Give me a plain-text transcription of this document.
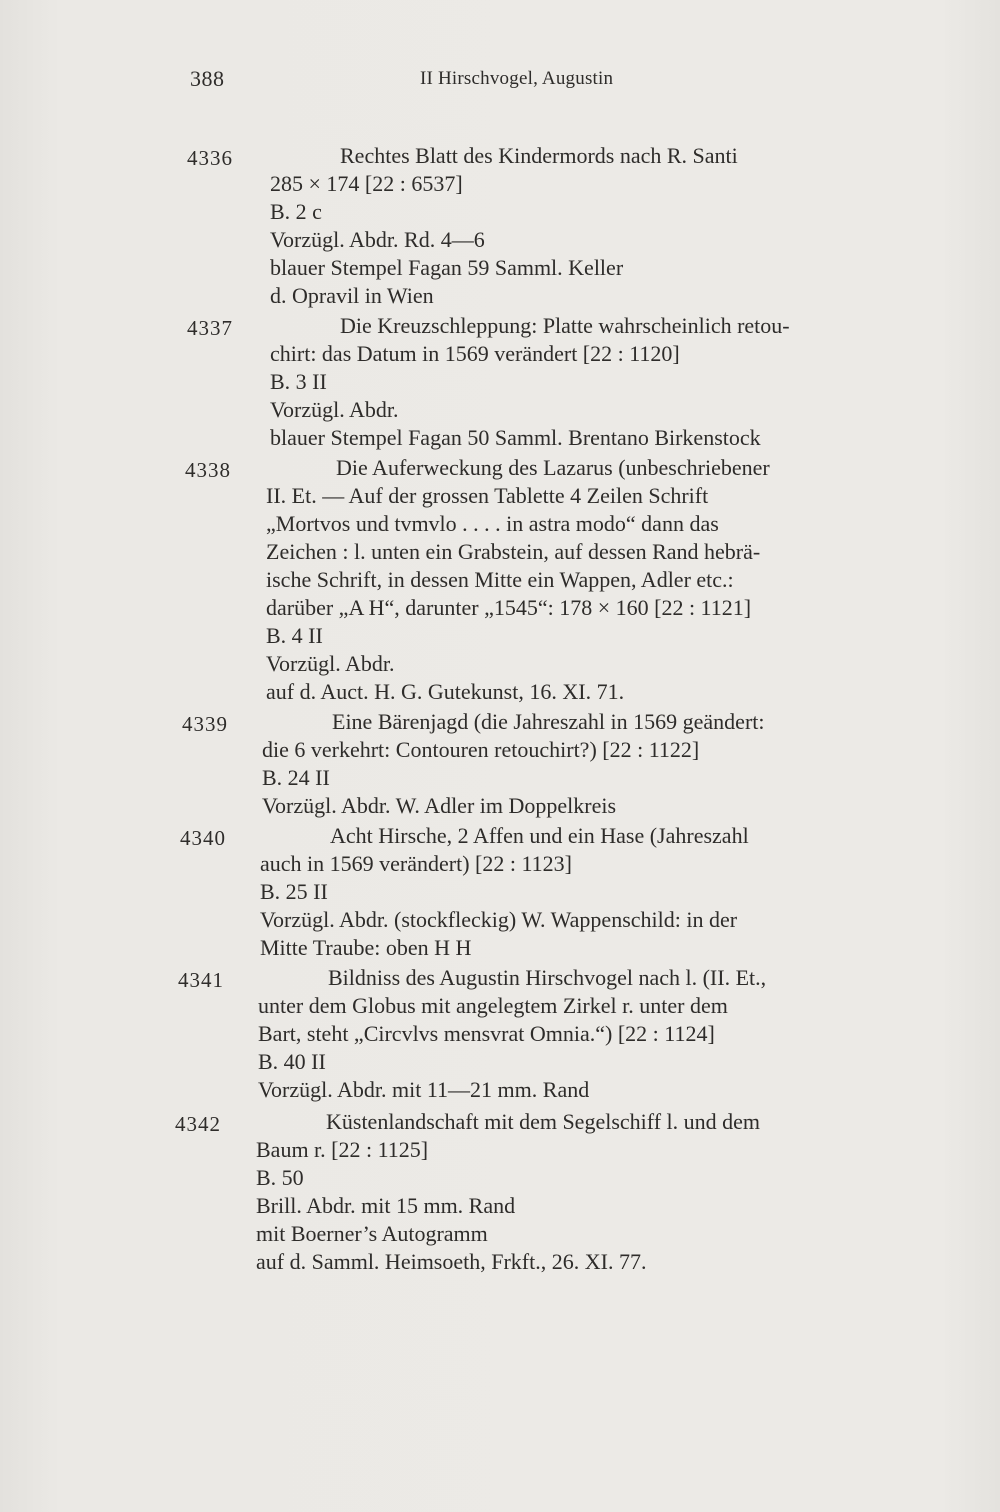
388	II Hirschvogel, Augustin
4336	Rechtes Blatt des Kindermords nach R. Santi
285 × 174 [22 : 6537]
B. 2 c
Vorzügl. Abdr. Rd. 4—6
blauer Stempel Fagan 59 Samml. Keller
d. Opravil in Wien
4337	Die Kreuzschleppung: Platte wahrscheinlich retou-
chirt: das Datum in 1569 verändert [22 : 1120]
B. 3 II
Vorzügl. Abdr.
blauer Stempel Fagan 50 Samml. Brentano Birkenstock
4338	Die Auferweckung des Lazarus (unbeschriebener
II. Et. — Auf der grossen Tablette 4 Zeilen Schrift
„Mortvos und tvmvlo . . . . in astra modo“ dann das
Zeichen : l. unten ein Grabstein, auf dessen Rand hebrä-
ische Schrift, in dessen Mitte ein Wappen, Adler etc.:
darüber „A H“, darunter „1545“: 178 × 160 [22 : 1121]
B. 4 II
Vorzügl. Abdr.
auf d. Auct. H. G. Gutekunst, 16. XI. 71.
4339	Eine Bärenjagd (die Jahreszahl in 1569 geändert:
die 6 verkehrt: Contouren retouchirt?) [22 : 1122]
B. 24 II
Vorzügl. Abdr. W. Adler im Doppelkreis
4340	Acht Hirsche, 2 Affen und ein Hase (Jahreszahl
auch in 1569 verändert) [22 : 1123]
B. 25 II
Vorzügl. Abdr. (stockfleckig) W. Wappenschild: in der
Mitte Traube: oben H H
4341	Bildniss des Augustin Hirschvogel nach l. (II. Et.,
unter dem Globus mit angelegtem Zirkel r. unter dem
Bart, steht „Circvlvs mensvrat Omnia.“) [22 : 1124]
B. 40 II
Vorzügl. Abdr. mit 11—21 mm. Rand
4342	Küstenlandschaft mit dem Segelschiff l. und dem
Baum r. [22 : 1125]
B. 50
Brill. Abdr. mit 15 mm. Rand
mit Boerner’s Autogramm
auf d. Samml. Heimsoeth, Frkft., 26. XI. 77.
